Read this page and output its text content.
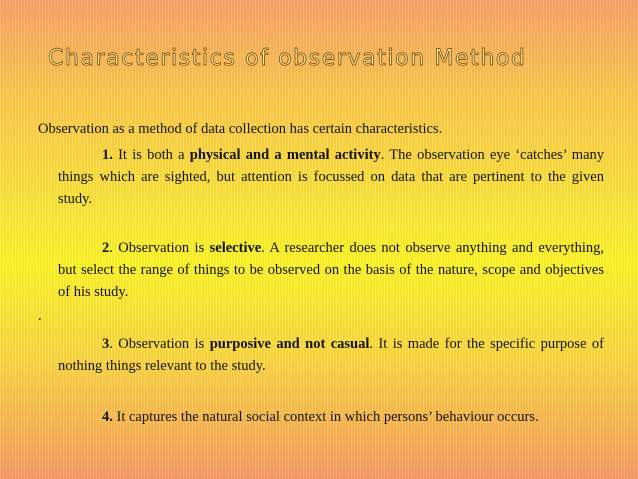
Characteristics of observation Method
Observation as a method of data collection has certain characteristics.
1. It is both a physical and a mental activity. The observation eye ‘catches’ many things which are sighted, but attention is focussed on data that are pertinent to the given study.
2. Observation is selective. A researcher does not observe anything and everything, but select the range of things to be observed on the basis of the nature, scope and objectives of his study.
.
3. Observation is purposive and not casual. It is made for the specific purpose of nothing things relevant to the study.
4. It captures the natural social context in which persons’ behaviour occurs.
